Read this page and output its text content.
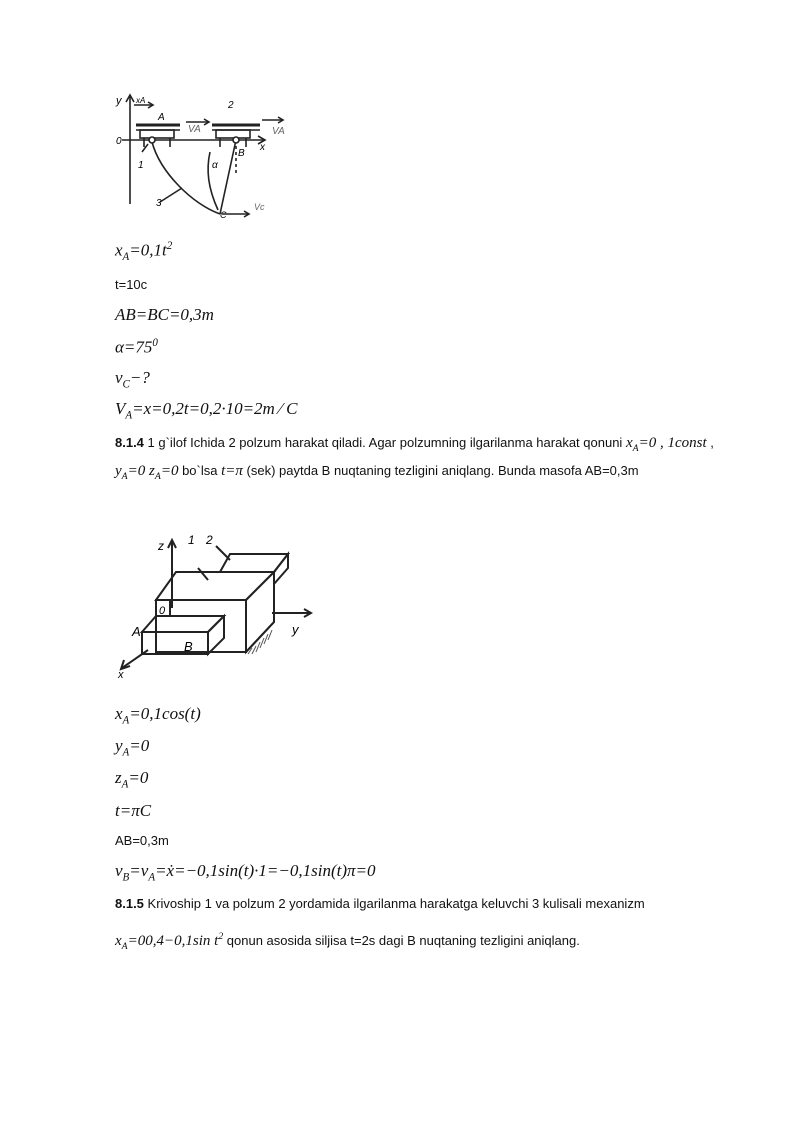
y xA
A
2
VA	VA
0
x
B
1	α
3
C
Vc
$x_A=0,1t^2$
t=10c
AB=BC=0,3m
$\alpha=75^0$
$v_C-$?
$V_A=x=0,2t=0,2\cdot 10=2m$ ⁄ C
8.1.4 1 g`ilof Ichida 2 polzum harakat qiladi. Agar polzumning ilgarilanma harakat qonuni $x_A=0$ , 1const ,
$y_A=0$ $z_A=0$ bo`lsa t=π (sek) paytda B nuqtaning tezligini aniqlang. Bunda masofa AB=0,3m
z 1 2
0
A	y
B
x
$x_A=0,1\cos(t)$
$y_A=0$
$z_A=0$
t=πC
AB=0,3m
$v_B=v_A=ẋ=-0,1\sin(t)\cdot 1=-0,1\sin(t)\pi=0$
8.1.5 Krivoship 1 va polzum 2 yordamida ilgarilanma harakatga keluvchi 3 kulisali mexanizm
$x_A=00,4-0,1\sin$ $t^2$ qonun asosida siljisa t=2s dagi B nuqtaning tezligini aniqlang.
